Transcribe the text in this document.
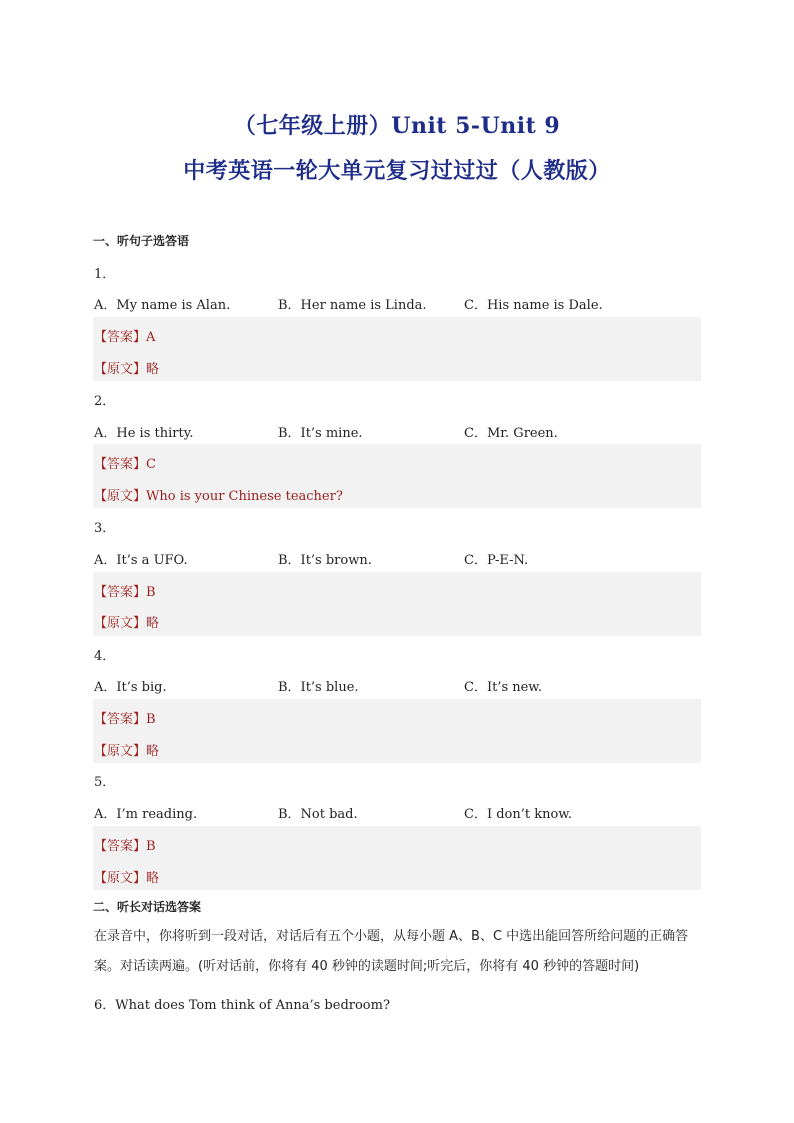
（七年级上册）Unit 5-Unit 9
中考英语一轮大单元复习过过过（人教版）
一、听句子选答语
1．
A．My name is Alan.	B．Her name is Linda.	C．His name is Dale.
【答案】A
【原文】略
2．
A．He is thirty.	B．It’s mine.	C．Mr. Green.
【答案】C
【原文】Who is your Chinese teacher?
3．
A．It’s a UFO.	B．It’s brown.	C．P-E-N.
【答案】B
【原文】略
4．
A．It’s big.	B．It’s blue.	C．It’s new.
【答案】B
【原文】略
5．
A．I’m reading.	B．Not bad.	C．I don’t know.
【答案】B
【原文】略
二、听长对话选答案
在录音中，你将听到一段对话，对话后有五个小题，从每小题 A、B、C 中选出能回答所给问题的正确答案。对话读两遍。(听对话前，你将有 40 秒钟的读题时间;听完后，你将有 40 秒钟的答题时间)
6．What does Tom think of Anna’s bedroom?
